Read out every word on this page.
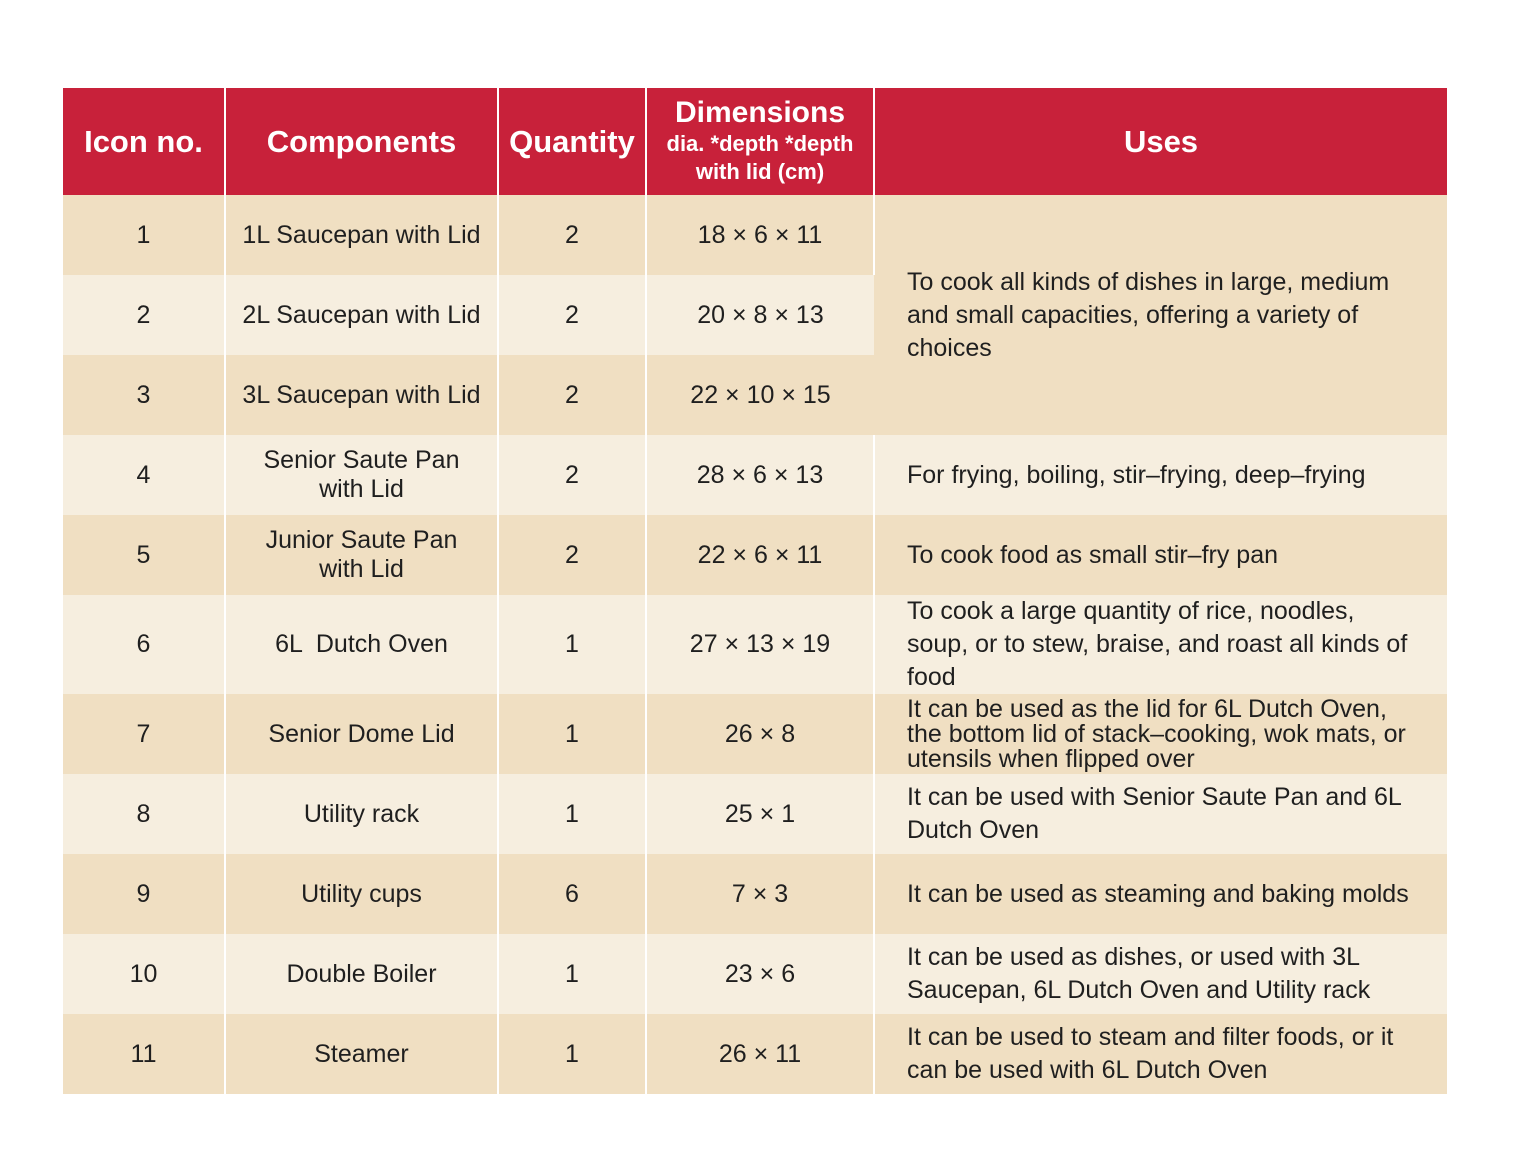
Icon no.	Components	Quantity	Dimensions
dia. *depth *depth
with lid (cm)	Uses
1	1L Saucepan with Lid	2	18 × 6 × 11	To cook all kinds of dishes in large, medium and small capacities, offering a variety of choices
2	2L Saucepan with Lid	2	20 × 8 × 13	
3	3L Saucepan with Lid	2	22 × 10 × 15	
4	Senior Saute Pan
with Lid	2	28 × 6 × 13	For frying, boiling, stir–frying, deep–frying
5	Junior Saute Pan
with Lid	2	22 × 6 × 11	To cook food as small stir–fry pan
6	6L  Dutch Oven	1	27 × 13 × 19	To cook a large quantity of rice, noodles, soup, or to stew, braise, and roast all kinds of food
7	Senior Dome Lid	1	26 × 8	It can be used as the lid for 6L Dutch Oven, the bottom lid of stack–cooking, wok mats, or utensils when flipped over
8	Utility rack	1	25 × 1	It can be used with Senior Saute Pan and 6L Dutch Oven
9	Utility cups	6	7 × 3	It can be used as steaming and baking molds
10	Double Boiler	1	23 × 6	It can be used as dishes, or used with 3L Saucepan, 6L Dutch Oven and Utility rack
11	Steamer	1	26 × 11	It can be used to steam and filter foods, or it can be used with 6L Dutch Oven
